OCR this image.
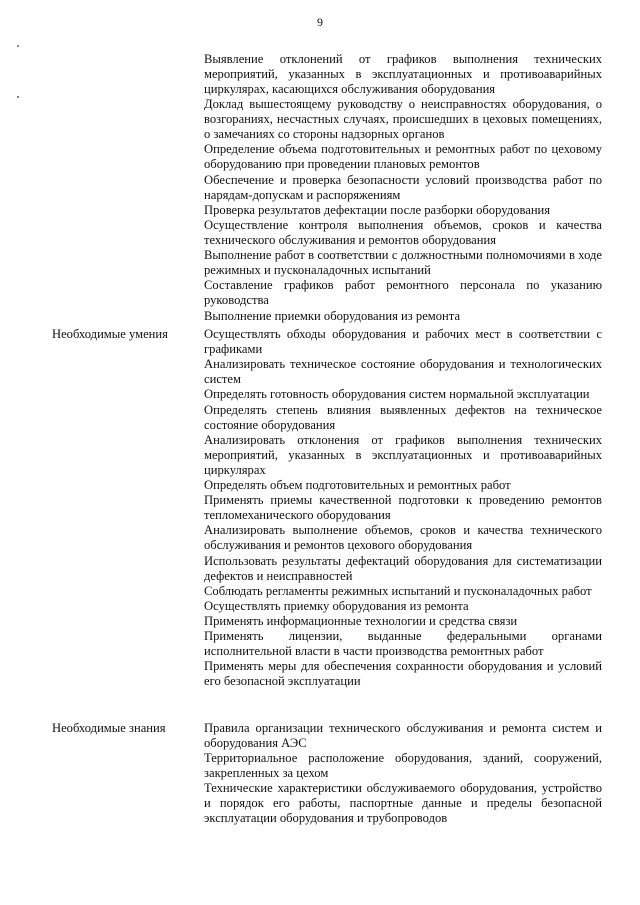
9
Выявление отклонений от графиков выполнения технических мероприятий, указанных в эксплуатационных и противоаварийных циркулярах, касающихся обслуживания оборудования
Доклад вышестоящему руководству о неисправностях оборудования, о возгораниях, несчастных случаях, происшедших в цеховых помещениях, о замечаниях со стороны надзорных органов
Определение объема подготовительных и ремонтных работ по цеховому оборудованию при проведении плановых ремонтов
Обеспечение и проверка безопасности условий производства работ по нарядам-допускам и распоряжениям
Проверка результатов дефектации после разборки оборудования
Осуществление контроля выполнения объемов, сроков и качества технического обслуживания и ремонтов оборудования
Выполнение работ в соответствии с должностными полномочиями в ходе режимных и пусконаладочных испытаний
Составление графиков работ ремонтного персонала по указанию руководства
Выполнение приемки оборудования из ремонта
Необходимые умения	Осуществлять обходы оборудования и рабочих мест в соответствии с графиками
Анализировать техническое состояние оборудования и технологических систем
Определять готовность оборудования систем нормальной эксплуатации
Определять степень влияния выявленных дефектов на техническое состояние оборудования
Анализировать отклонения от графиков выполнения технических мероприятий, указанных в эксплуатационных и противоаварийных циркулярах
Определять объем подготовительных и ремонтных работ
Применять приемы качественной подготовки к проведению ремонтов тепломеханического оборудования
Анализировать выполнение объемов, сроков и качества технического обслуживания и ремонтов цехового оборудования
Использовать результаты дефектаций оборудования для систематизации дефектов и неисправностей
Соблюдать регламенты режимных испытаний и пусконаладочных работ
Осуществлять приемку оборудования из ремонта
Применять информационные технологии и средства связи
Применять лицензии, выданные федеральными органами исполнительной власти в части производства ремонтных работ
Применять меры для обеспечения сохранности оборудования и условий его безопасной эксплуатации
Необходимые знания	Правила организации технического обслуживания и ремонта систем и оборудования АЭС
Территориальное расположение оборудования, зданий, сооружений, закрепленных за цехом
Технические характеристики обслуживаемого оборудования, устройство и порядок его работы, паспортные данные и пределы безопасной эксплуатации оборудования и трубопроводов
